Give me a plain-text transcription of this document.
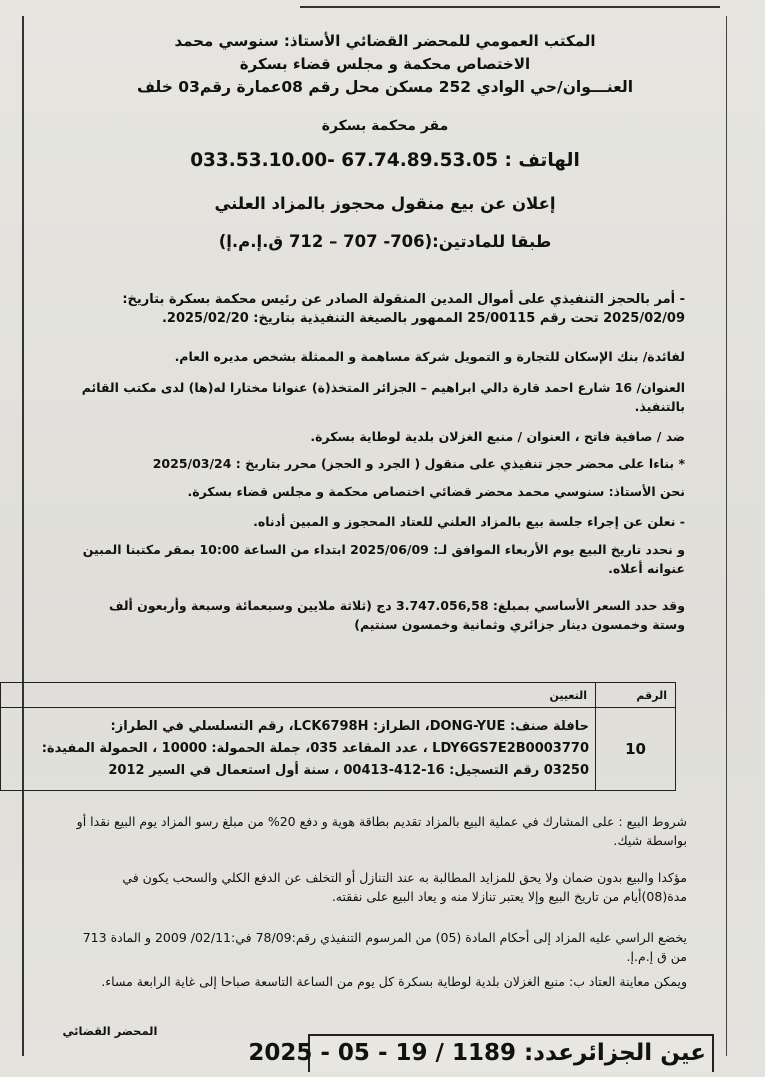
المكتب العمومي للمحضر القضائي الأستاذ: سنوسي محمد
الاختصاص محكمة و مجلس قضاء بسكرة
العنـــوان/حي الوادي 252 مسكن محل رقم 08عمارة رقم03 خلف
مقر محكمة بسكرة
الهاتف : 67.74.89.53.05 -033.53.10.00
إعلان عن بيع منقول محجوز بالمزاد العلني
طبقا للمادتين:(706- 707 – 712 ق.إ.م.إ)
- أمر بالحجز التنفيذي على أموال المدين المنقولة الصادر عن رئيس محكمة بسكرة بتاريخ: 2025/02/09 تحت رقم 25/00115 الممهور بالصيغة التنفيذية بتاريخ: 2025/02/20.
لفائدة/ بنك الإسكان للتجارة و التمويل شركة مساهمة و الممثلة بشخص مديره العام.
العنوان/ 16 شارع احمد قارة دالي ابراهيم – الجزائر المتخذ(ة) عنوانا مختارا له(ها) لدى مكتب القائم بالتنفيذ.
ضد / صافية فاتح ، العنوان / منبع الغزلان بلدية لوطاية بسكرة.
* بناءا على محضر حجز تنفيذي على منقول ( الجرد و الحجز) محرر بتاريخ : 2025/03/24
نحن الأستاذ: سنوسي محمد محضر قضائي اختصاص محكمة و مجلس قضاء بسكرة.
- نعلن عن إجراء جلسة بيع بالمزاد العلني للعتاد المحجوز و المبين أدناه.
و نحدد تاريخ البيع يوم الأربعاء الموافق لـ: 2025/06/09 ابتداء من الساعة 10:00 بمقر مكتبنا المبين عنوانه أعلاه.
وقد حدد السعر الأساسي بمبلغ: 3.747.056,58 دج (ثلاثة ملايين وسبعمائة وسبعة وأربعون ألف وستة وخمسون دينار جزائري وثمانية وخمسون سنتيم)
الرقم	التعيين
10	حافلة صنف: DONG-YUE، الطراز: LCK6798H، رقم التسلسلي في الطراز:
LDY6GS7E2B0003770 ، عدد المقاعد 035، جملة الحمولة: 10000 ، الحمولة المفيدة:
03250 رقم التسجيل: 16-412-00413 ، سنة أول استعمال في السير 2012
شروط البيع : على المشارك في عملية البيع بالمزاد تقديم بطاقة هوية و دفع 20% من مبلغ رسو المزاد يوم البيع نقدا أو بواسطة شيك.
مؤكدا والبيع بدون ضمان ولا يحق للمزايد المطالبة به عند التنازل أو التخلف عن الدفع الكلي والسحب يكون في مدة(08)أيام من تاريخ البيع وإلا يعتبر تنازلا منه و يعاد البيع على نفقته.
يخضع الراسي عليه المزاد إلى أحكام المادة (05) من المرسوم التنفيذي رقم:78/09 في:02/11/ 2009 و المادة 713 من ق إ.م.إ.
ويمكن معاينة العتاد ب: منبع الغزلان بلدية لوطاية بسكرة كل يوم من الساعة التاسعة صباحا إلى غاية الرابعة مساء.
المحضر القضائي
عين الجزائرعدد: 1189 / 19 - 05 - 2025
